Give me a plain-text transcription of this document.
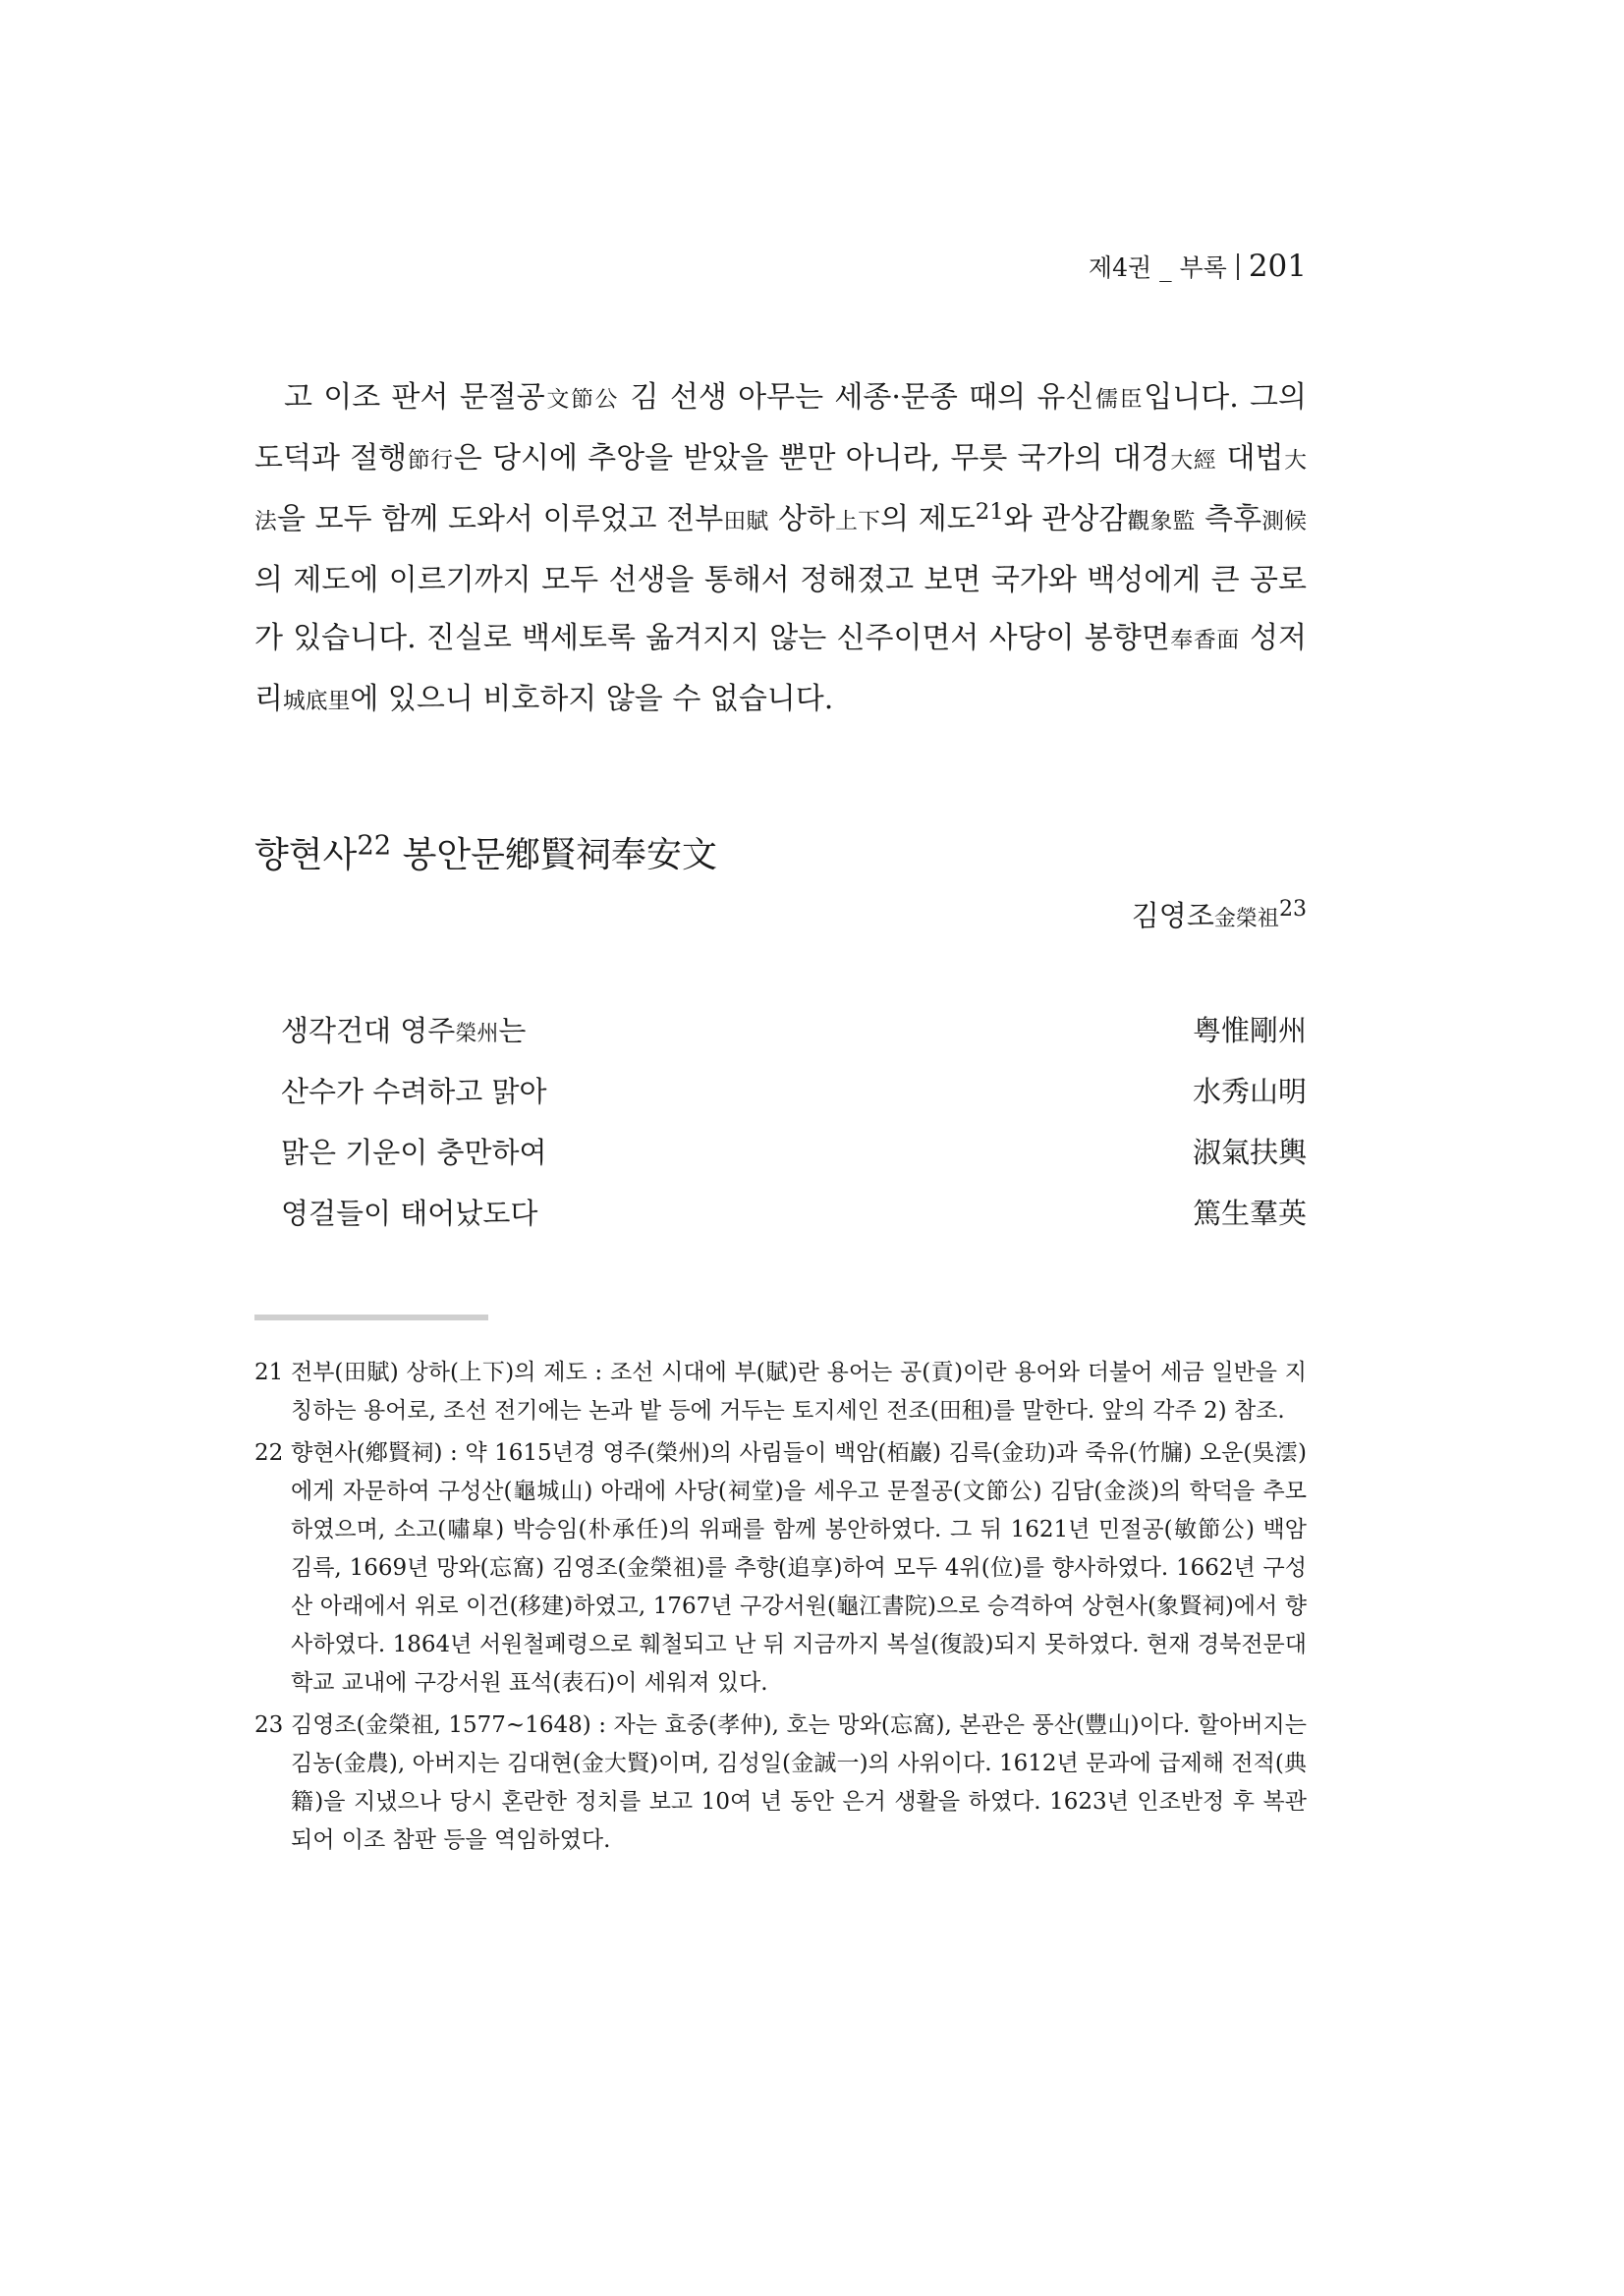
제4권 _ 부록 201

고 이조 판서 문절공文節公 김 선생 아무는 세종·문종 때의 유신儒臣입니다. 그의 도덕과 절행節行은 당시에 추앙을 받았을 뿐만 아니라, 무릇 국가의 대경大經 대법大法을 모두 함께 도와서 이루었고 전부田賦 상하上下의 제도$^{21}$와 관상감觀象監 측후測候의 제도에 이르기까지 모두 선생을 통해서 정해졌고 보면 국가와 백성에게 큰 공로가 있습니다. 진실로 백세토록 옮겨지지 않는 신주이면서 사당이 봉향면奉香面 성저리城底里에 있으니 비호하지 않을 수 없습니다.

향현사$^{22}$ 봉안문鄕賢祠奉安文
김영조金榮祖$^{23}$
생각건대 영주榮州는	粤惟剛州
산수가 수려하고 맑아	水秀山明
맑은 기운이 충만하여	淑氣扶輿
영걸들이 태어났도다	篤生羣英
21 전부(田賦) 상하(上下)의 제도 : 조선 시대에 부(賦)란 용어는 공(貢)이란 용어와 더불어 세금 일반을 지칭하는 용어로, 조선 전기에는 논과 밭 등에 거두는 토지세인 전조(田租)를 말한다. 앞의 각주 2) 참조.
22 향현사(鄕賢祠) : 약 1615년경 영주(榮州)의 사림들이 백암(栢巖) 김륵(金玏)과 죽유(竹牖) 오운(吳澐)에게 자문하여 구성산(龜城山) 아래에 사당(祠堂)을 세우고 문절공(文節公) 김담(金淡)의 학덕을 추모하였으며, 소고(嘯皐) 박승임(朴承任)의 위패를 함께 봉안하였다. 그 뒤 1621년 민절공(敏節公) 백암 김륵, 1669년 망와(忘窩) 김영조(金榮祖)를 추향(追享)하여 모두 4위(位)를 향사하였다. 1662년 구성산 아래에서 위로 이건(移建)하였고, 1767년 구강서원(龜江書院)으로 승격하여 상현사(象賢祠)에서 향사하였다. 1864년 서원철폐령으로 훼철되고 난 뒤 지금까지 복설(復設)되지 못하였다. 현재 경북전문대학교 교내에 구강서원 표석(表石)이 세워져 있다.
23 김영조(金榮祖, 1577~1648) : 자는 효중(孝仲), 호는 망와(忘窩), 본관은 풍산(豐山)이다. 할아버지는 김농(金農), 아버지는 김대현(金大賢)이며, 김성일(金誠一)의 사위이다. 1612년 문과에 급제해 전적(典籍)을 지냈으나 당시 혼란한 정치를 보고 10여 년 동안 은거 생활을 하였다. 1623년 인조반정 후 복관되어 이조 참판 등을 역임하였다.
